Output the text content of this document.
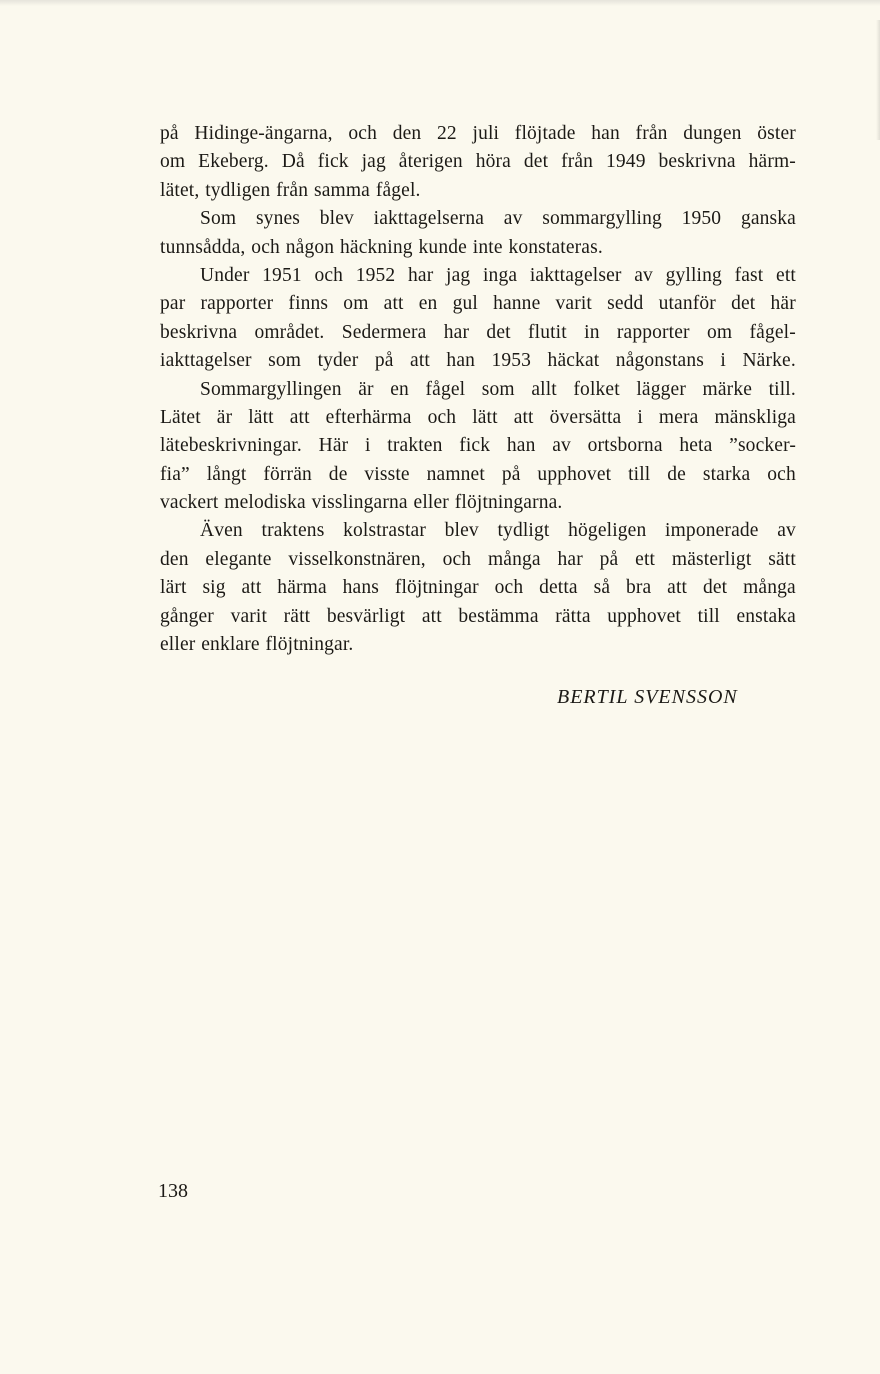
på Hidinge-ängarna, och den 22 juli flöjtade han från dungen öster
om Ekeberg. Då fick jag återigen höra det från 1949 beskrivna härm-
lätet, tydligen från samma fågel.
Som synes blev iakttagelserna av sommargylling 1950 ganska
tunnsådda, och någon häckning kunde inte konstateras.
Under 1951 och 1952 har jag inga iakttagelser av gylling fast ett
par rapporter finns om att en gul hanne varit sedd utanför det här
beskrivna området. Sedermera har det flutit in rapporter om fågel-
iakttagelser som tyder på att han 1953 häckat någonstans i Närke.
Sommargyllingen är en fågel som allt folket lägger märke till.
Lätet är lätt att efterhärma och lätt att översätta i mera mänskliga
lätebeskrivningar. Här i trakten fick han av ortsborna heta ”socker-
fia” långt förrän de visste namnet på upphovet till de starka och
vackert melodiska visslingarna eller flöjtningarna.
Även traktens kolstrastar blev tydligt högeligen imponerade av
den elegante visselkonstnären, och många har på ett mästerligt sätt
lärt sig att härma hans flöjtningar och detta så bra att det många
gånger varit rätt besvärligt att bestämma rätta upphovet till enstaka
eller enklare flöjtningar.
BERTIL SVENSSON
138
